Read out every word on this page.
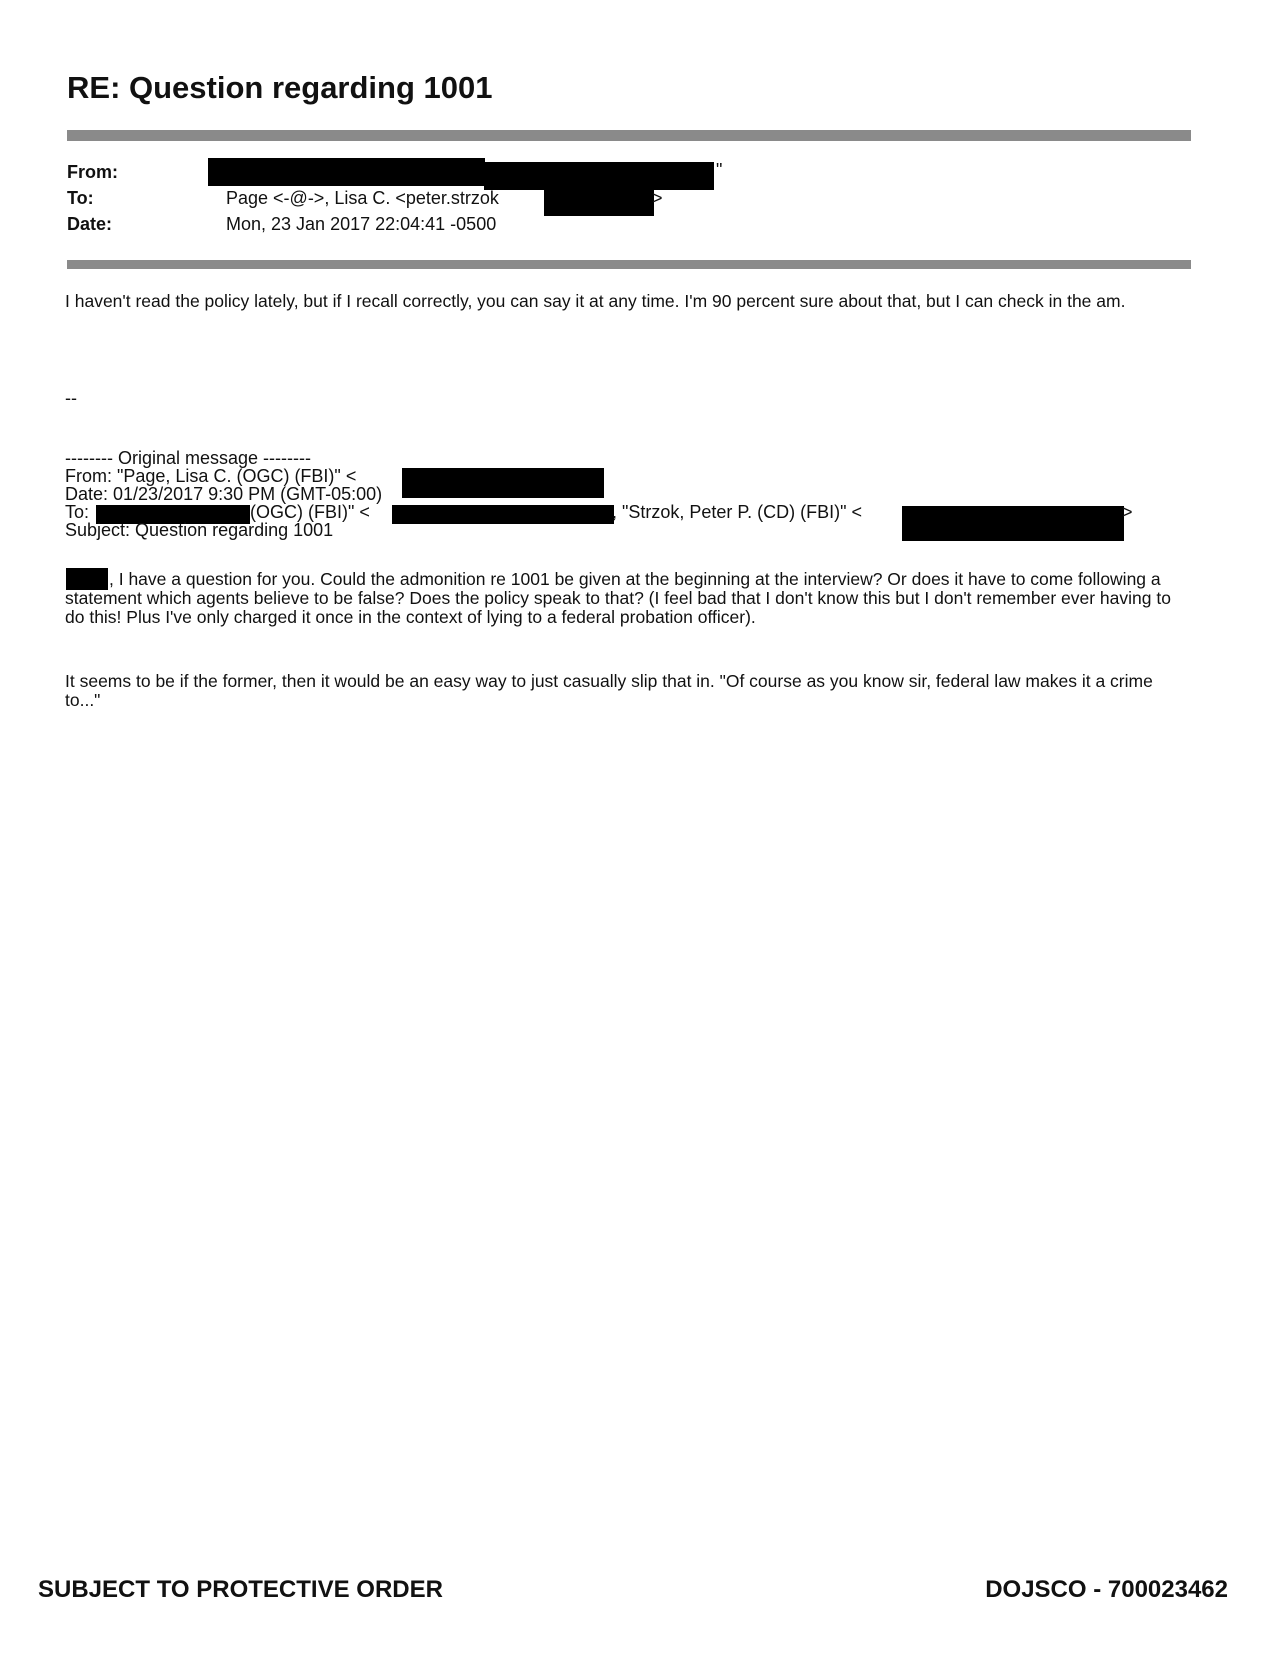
RE: Question regarding 1001
From:	"
To:	Page <-@->, Lisa C. <peter.strzok	>
Date:	Mon, 23 Jan 2017 22:04:41 -0500
I haven't read the policy lately, but if I recall correctly, you can say it at any time. I'm 90 percent sure about that, but I can check in the am.
--
-------- Original message --------
From: "Page, Lisa C. (OGC) (FBI)" <
Date: 01/23/2017 9:30 PM (GMT-05:00)
To:	(OGC) (FBI)" <	, "Strzok, Peter P. (CD) (FBI)" <	>
Subject: Question regarding 1001
, I have a question for you. Could the admonition re 1001 be given at the beginning at the interview? Or does it have to come following a statement which agents believe to be false? Does the policy speak to that? (I feel bad that I don't know this but I don't remember ever having to do this! Plus I've only charged it once in the context of lying to a federal probation officer).
It seems to be if the former, then it would be an easy way to just casually slip that in. "Of course as you know sir, federal law makes it a crime to..."
SUBJECT TO PROTECTIVE ORDER	DOJSCO - 700023462
